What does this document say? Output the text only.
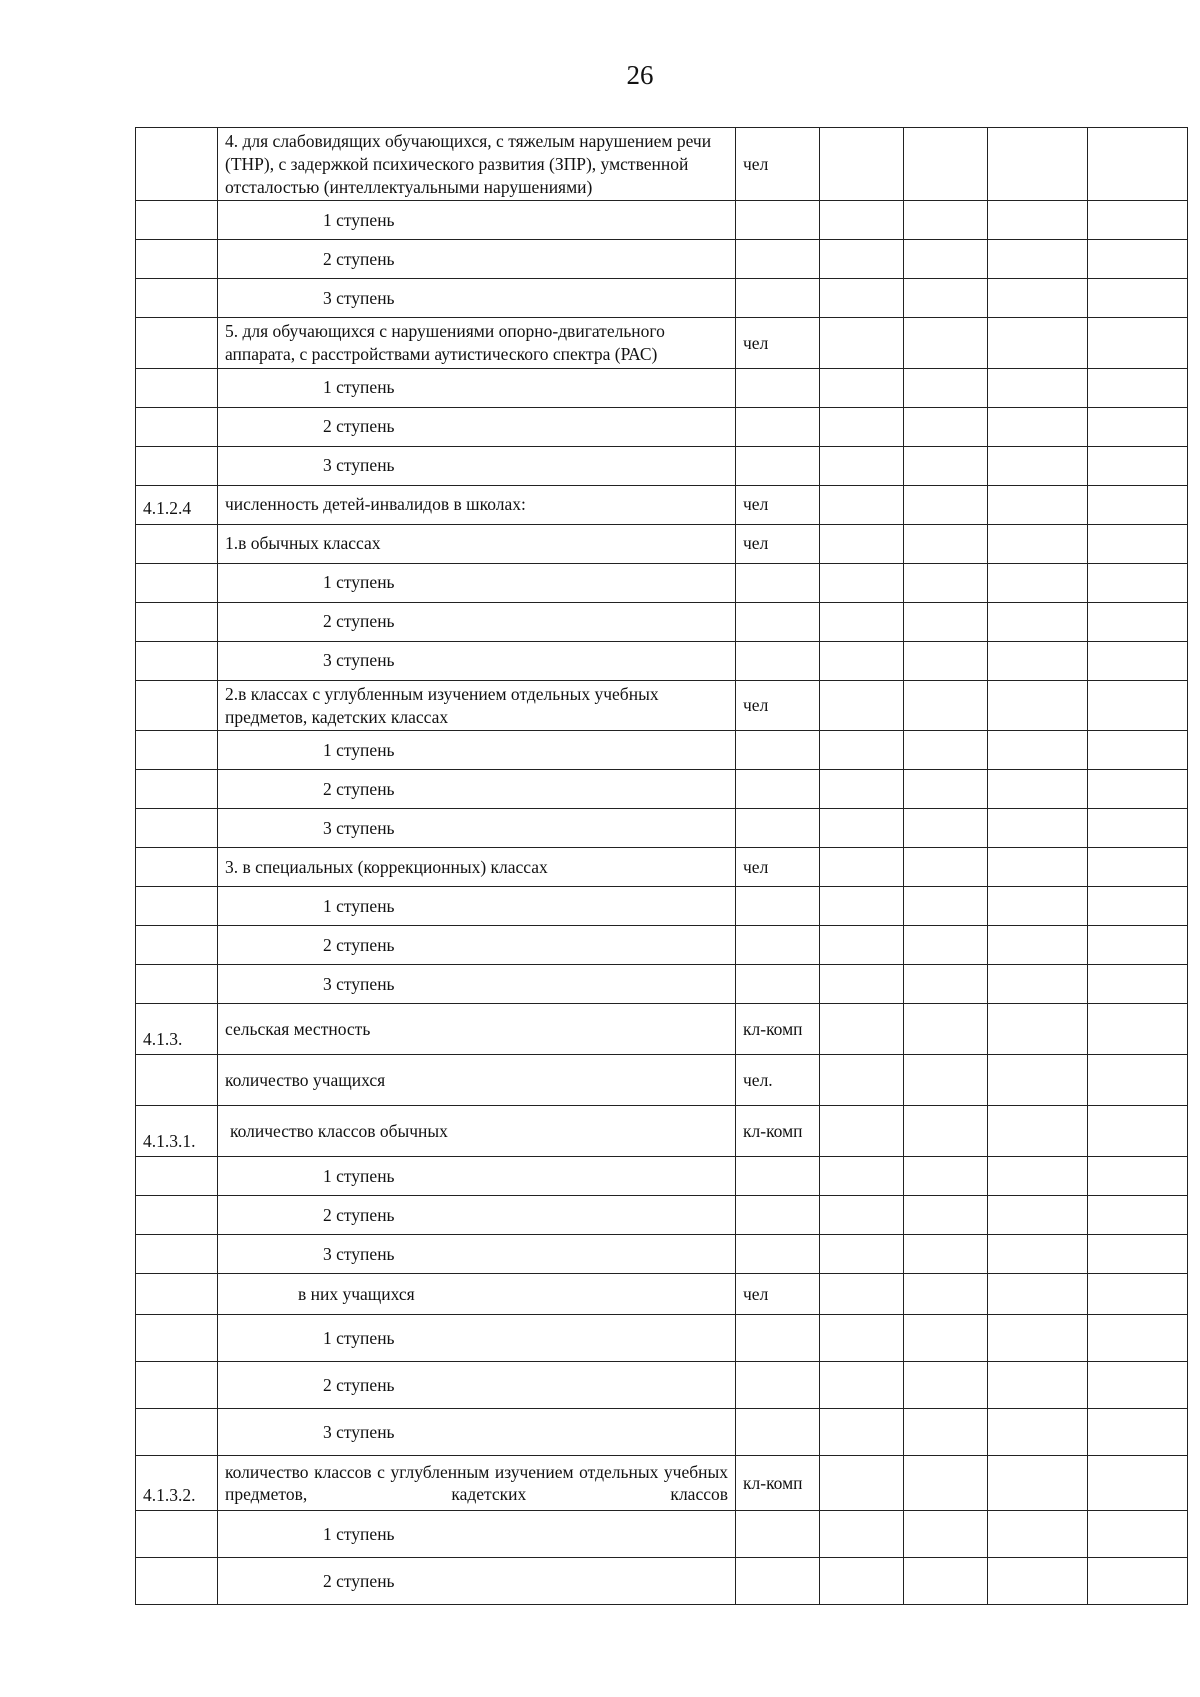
26
	4. для слабовидящих обучающихся, с тяжелым нарушением речи (ТНР), с задержкой психического развития (ЗПР), умственной отсталостью (интеллектуальными нарушениями)	чел				
	1 ступень					
	2 ступень					
	3 ступень					
	5. для обучающихся с нарушениями опорно-двигательного аппарата, с расстройствами аутистического спектра (РАС)	чел				
	1 ступень					
	2 ступень					
	3 ступень					
4.1.2.4	численность детей-инвалидов в школах:	чел				
	1.в обычных классах	чел				
	1 ступень					
	2 ступень					
	3 ступень					
	2.в классах с углубленным изучением отдельных учебных предметов, кадетских классах	чел				
	1 ступень					
	2 ступень					
	3 ступень					
	3. в специальных (коррекционных) классах	чел				
	1 ступень					
	2 ступень					
	3 ступень					
4.1.3.	сельская местность	кл-комп				
	количество учащихся	чел.				
4.1.3.1.	количество классов обычных	кл-комп				
	1 ступень					
	2 ступень					
	3 ступень					
	в них учащихся	чел				
	1 ступень					
	2 ступень					
	3 ступень					
4.1.3.2.	количество классов с углубленным изучением отдельных учебных предметов, кадетских классов	кл-комп				
	1 ступень					
	2 ступень					
